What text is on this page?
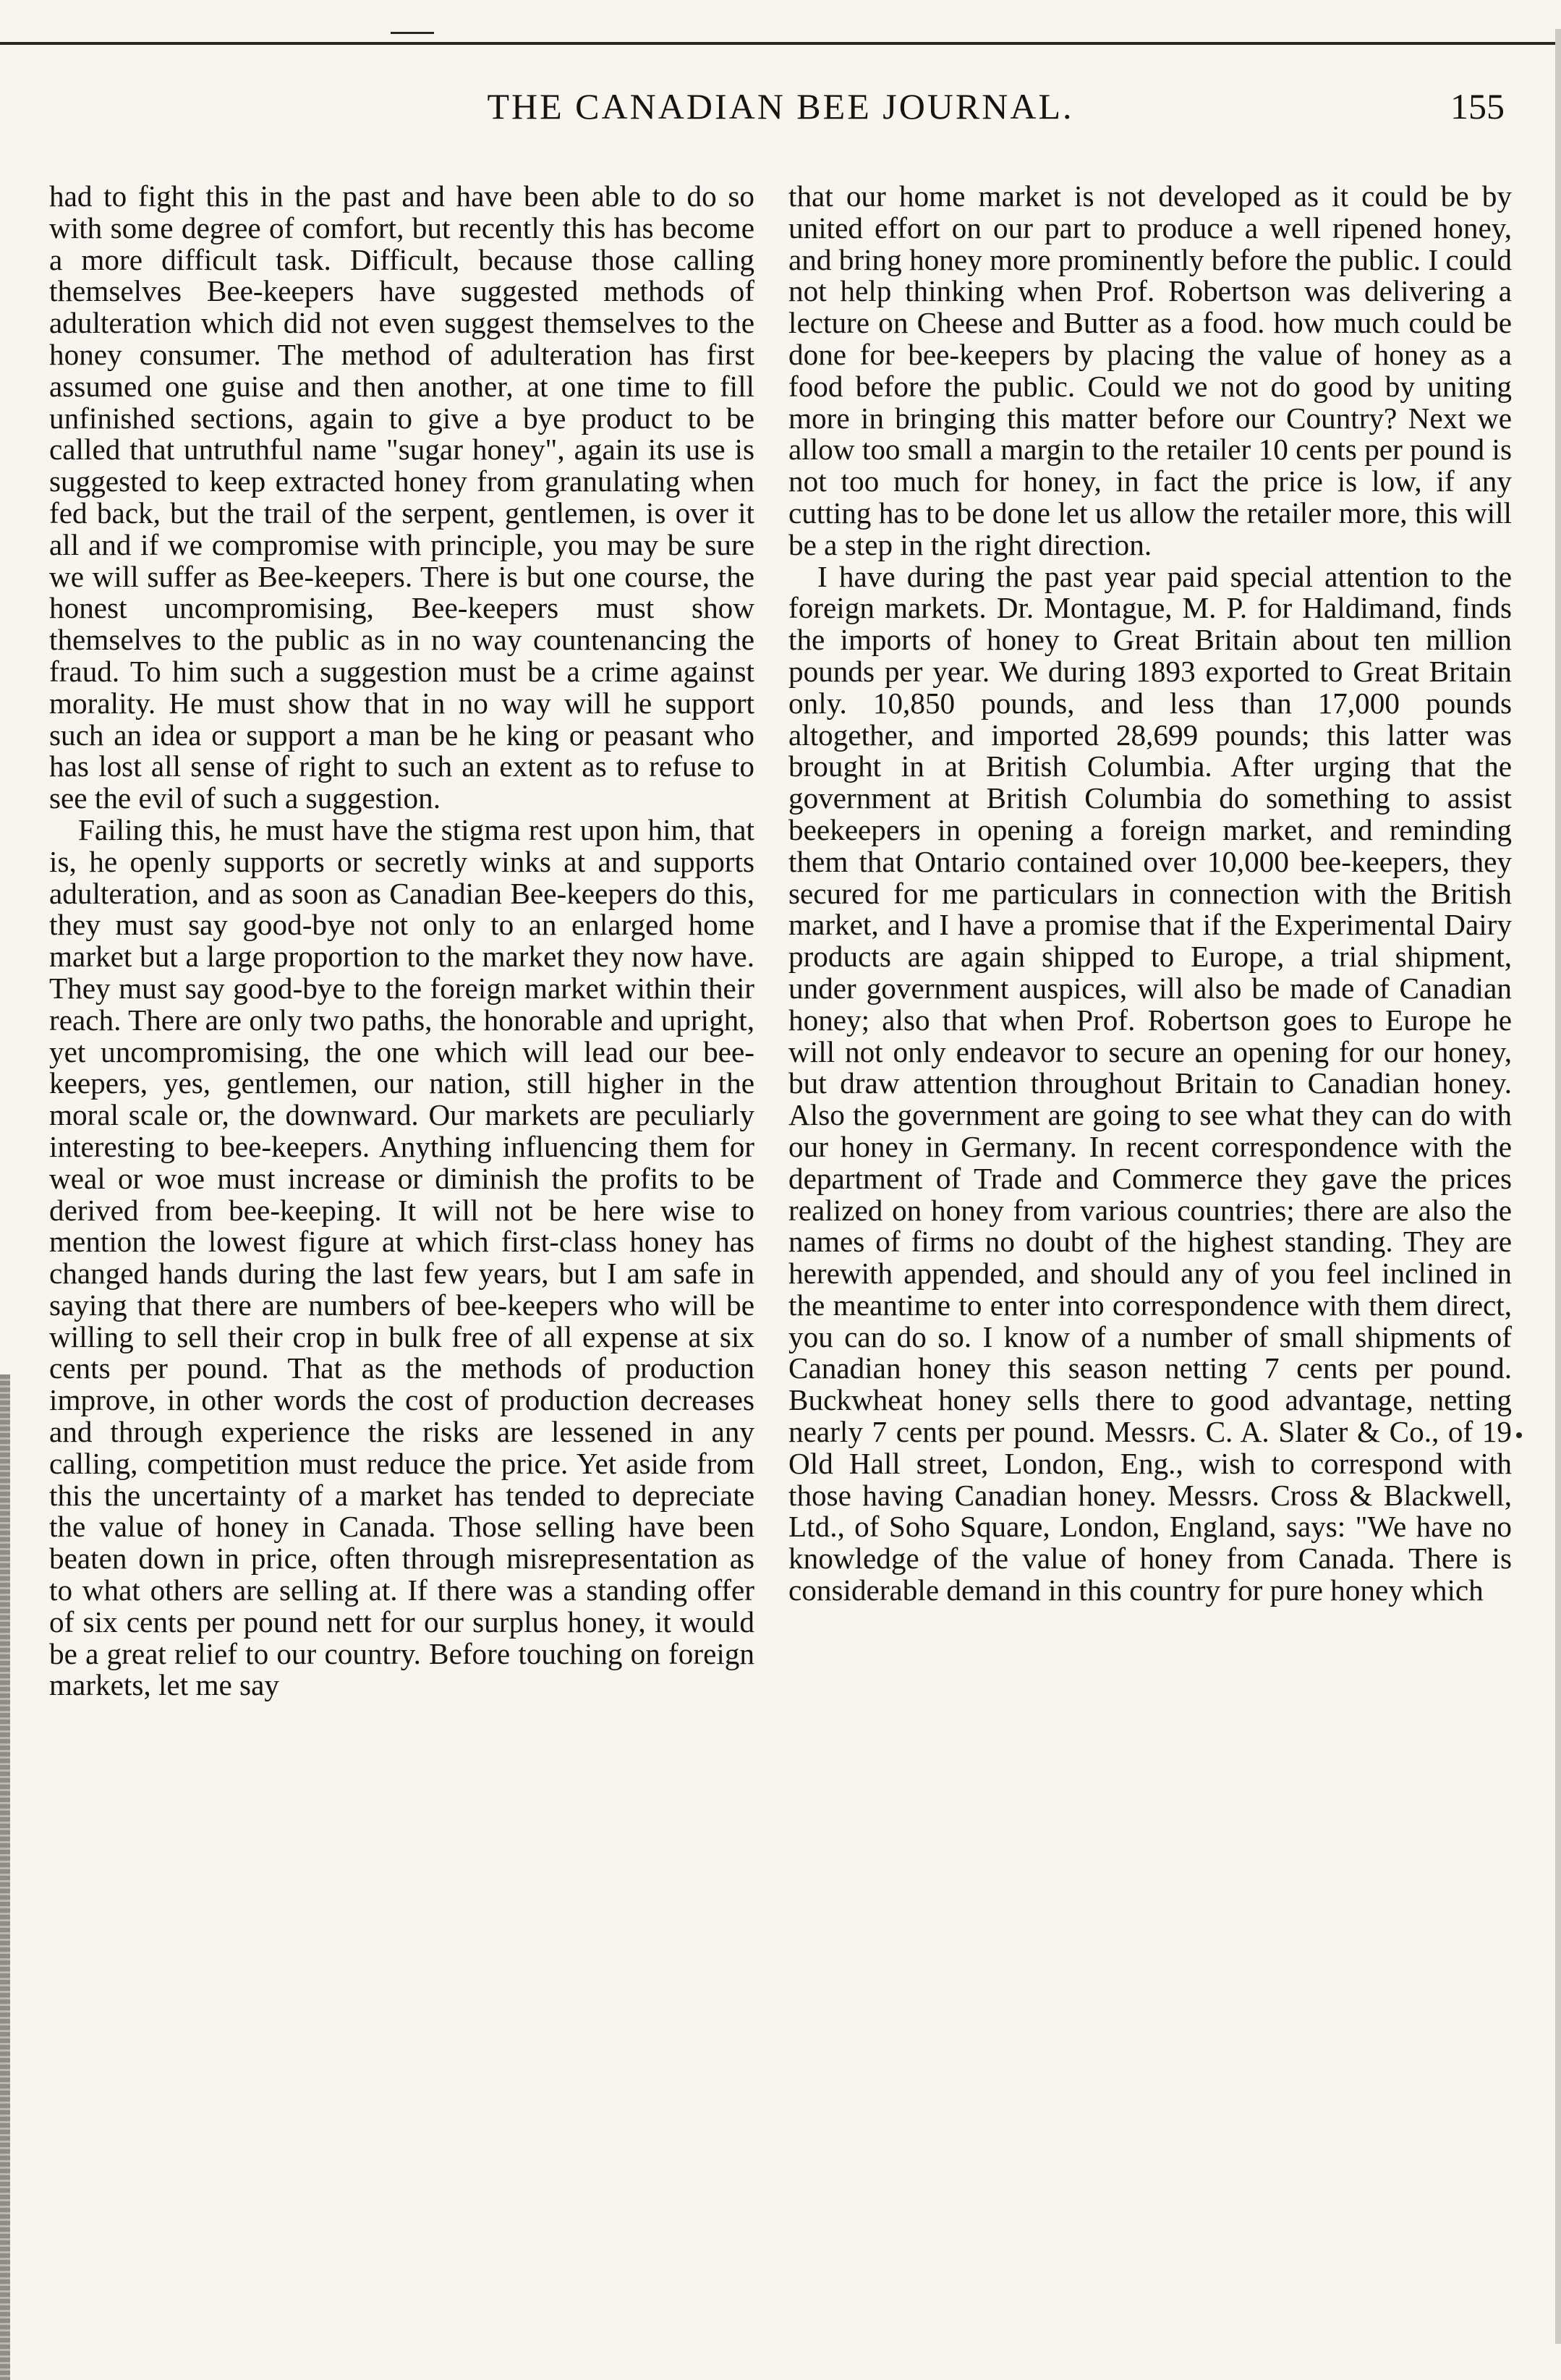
THE CANADIAN BEE JOURNAL.	155

had to fight this in the past and have been able to do so with some degree of comfort, but recently this has become a more difficult task. Difficult, because those calling themselves Bee-keepers have suggested methods of adulteration which did not even suggest themselves to the honey consumer. The method of adulteration has first assumed one guise and then another, at one time to fill unfinished sections, again to give a bye product to be called that untruthful name "sugar honey", again its use is suggested to keep extracted honey from granulating when fed back, but the trail of the serpent, gentlemen, is over it all and if we compromise with principle, you may be sure we will suffer as Bee-keepers. There is but one course, the honest uncompromising, Bee-keepers must show themselves to the public as in no way countenancing the fraud. To him such a suggestion must be a crime against morality. He must show that in no way will he support such an idea or support a man be he king or peasant who has lost all sense of right to such an extent as to refuse to see the evil of such a suggestion.

Failing this, he must have the stigma rest upon him, that is, he openly supports or secretly winks at and supports adulteration, and as soon as Canadian Bee-keepers do this, they must say good-bye not only to an enlarged home market but a large proportion to the market they now have. They must say good-bye to the foreign market within their reach. There are only two paths, the honorable and upright, yet uncompromising, the one which will lead our bee-keepers, yes, gentlemen, our nation, still higher in the moral scale or, the downward. Our markets are peculiarly interesting to bee-keepers. Anything influencing them for weal or woe must increase or diminish the profits to be derived from bee-keeping. It will not be here wise to mention the lowest figure at which first-class honey has changed hands during the last few years, but I am safe in saying that there are numbers of bee-keepers who will be willing to sell their crop in bulk free of all expense at six cents per pound. That as the methods of production improve, in other words the cost of production decreases and through experience the risks are lessened in any calling, competition must reduce the price. Yet aside from this the uncertainty of a market has tended to depreciate the value of honey in Canada. Those selling have been beaten down in price, often through misrepresentation as to what others are selling at. If there was a standing offer of six cents per pound nett for our surplus honey, it would be a great relief to our country. Before touching on foreign markets, let me say

that our home market is not developed as it could be by united effort on our part to produce a well ripened honey, and bring honey more prominently before the public. I could not help thinking when Prof. Robertson was delivering a lecture on Cheese and Butter as a food. how much could be done for bee-keepers by placing the value of honey as a food before the public. Could we not do good by uniting more in bringing this matter before our Country? Next we allow too small a margin to the retailer 10 cents per pound is not too much for honey, in fact the price is low, if any cutting has to be done let us allow the retailer more, this will be a step in the right direction.

I have during the past year paid special attention to the foreign markets. Dr. Montague, M. P. for Haldimand, finds the imports of honey to Great Britain about ten million pounds per year. We during 1893 exported to Great Britain only. 10,850 pounds, and less than 17,000 pounds altogether, and imported 28,699 pounds; this latter was brought in at British Columbia. After urging that the government at British Columbia do something to assist beekeepers in opening a foreign market, and reminding them that Ontario contained over 10,000 bee-keepers, they secured for me particulars in connection with the British market, and I have a promise that if the Experimental Dairy products are again shipped to Europe, a trial shipment, under government auspices, will also be made of Canadian honey; also that when Prof. Robertson goes to Europe he will not only endeavor to secure an opening for our honey, but draw attention throughout Britain to Canadian honey. Also the government are going to see what they can do with our honey in Germany. In recent correspondence with the department of Trade and Commerce they gave the prices realized on honey from various countries; there are also the names of firms no doubt of the highest standing. They are herewith appended, and should any of you feel inclined in the meantime to enter into correspondence with them direct, you can do so. I know of a number of small shipments of Canadian honey this season netting 7 cents per pound. Buckwheat honey sells there to good advantage, netting nearly 7 cents per pound. Messrs. C. A. Slater & Co., of 19 Old Hall street, London, Eng., wish to correspond with those having Canadian honey. Messrs. Cross & Blackwell, Ltd., of Soho Square, London, England, says: "We have no knowledge of the value of honey from Canada. There is considerable demand in this country for pure honey which
